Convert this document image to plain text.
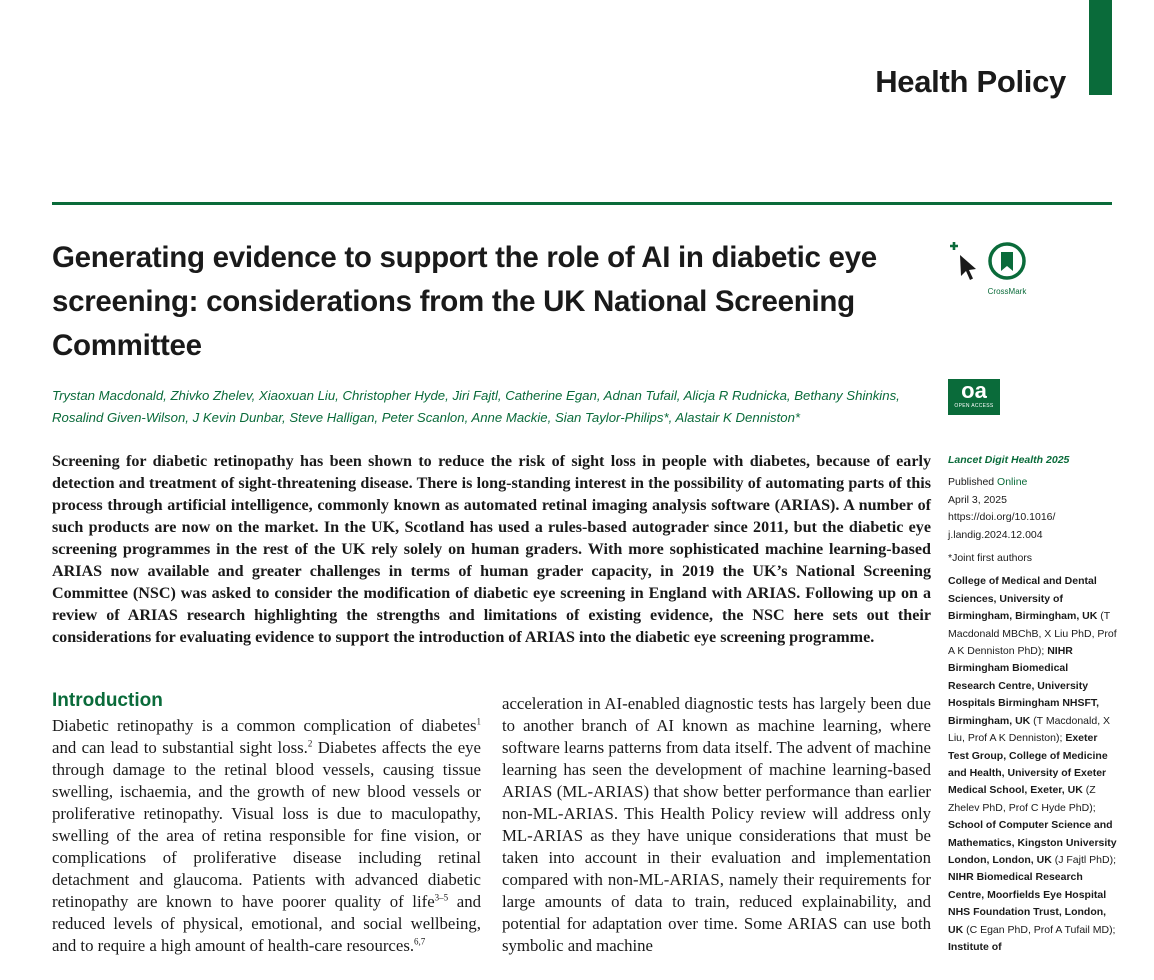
Health Policy
Generating evidence to support the role of AI in diabetic eye screening: considerations from the UK National Screening Committee
CrossMark
oa
OPEN ACCESS
Trystan Macdonald, Zhivko Zhelev, Xiaoxuan Liu, Christopher Hyde, Jiri Fajtl, Catherine Egan, Adnan Tufail, Alicja R Rudnicka, Bethany Shinkins, Rosalind Given-Wilson, J Kevin Dunbar, Steve Halligan, Peter Scanlon, Anne Mackie, Sian Taylor-Philips*, Alastair K Denniston*

Screening for diabetic retinopathy has been shown to reduce the risk of sight loss in people with diabetes, because of early detection and treatment of sight-threatening disease. There is long-standing interest in the possibility of automating parts of this process through artificial intelligence, commonly known as automated retinal imaging analysis software (ARIAS). A number of such products are now on the market. In the UK, Scotland has used a rules-based autograder since 2011, but the diabetic eye screening programmes in the rest of the UK rely solely on human graders. With more sophisticated machine learning-based ARIAS now available and greater challenges in terms of human grader capacity, in 2019 the UK’s National Screening Committee (NSC) was asked to consider the modification of diabetic eye screening in England with ARIAS. Following up on a review of ARIAS research highlighting the strengths and limitations of existing evidence, the NSC here sets out their considerations for evaluating evidence to support the introduction of ARIAS into the diabetic eye screening programme.

Introduction

Diabetic retinopathy is a common complication of diabetes$^1$ and can lead to substantial sight loss.$^2$ Diabetes affects the eye through damage to the retinal blood vessels, causing tissue swelling, ischaemia, and the growth of new blood vessels or proliferative retinopathy. Visual loss is due to maculopathy, swelling of the area of retina responsible for fine vision, or complications of proliferative disease including retinal detachment and glaucoma. Patients with advanced diabetic retinopathy are known to have poorer quality of life$^{3-5}$ and reduced levels of physical, emotional, and social wellbeing, and to require a high amount of health-care resources.$^{6,7}$

acceleration in AI-enabled diagnostic tests has largely been due to another branch of AI known as machine learning, where software learns patterns from data itself. The advent of machine learning has seen the development of machine learning-based ARIAS (ML-ARIAS) that show better performance than earlier non-ML-ARIAS. This Health Policy review will address only ML-ARIAS as they have unique considerations that must be taken into account in their evaluation and implementation compared with non-ML-ARIAS, namely their requirements for large amounts of data to train, reduced explainability, and potential for adaptation over time. Some ARIAS can use both symbolic and machine

Lancet Digit Health 2025
Published Online
April 3, 2025
https://doi.org/10.1016/ j.landig.2024.12.004
*Joint first authors
College of Medical and Dental Sciences, University of Birmingham, Birmingham, UK (T Macdonald MBChB, X Liu PhD, Prof A K Denniston PhD); NIHR Birmingham Biomedical Research Centre, University Hospitals Birmingham NHSFT, Birmingham, UK (T Macdonald, X Liu, Prof A K Denniston); Exeter Test Group, College of Medicine and Health, University of Exeter Medical School, Exeter, UK (Z Zhelev PhD, Prof C Hyde PhD); School of Computer Science and Mathematics, Kingston University London, London, UK (J Fajtl PhD); NIHR Biomedical Research Centre, Moorfields Eye Hospital NHS Foundation Trust, London, UK (C Egan PhD, Prof A Tufail MD); Institute of
